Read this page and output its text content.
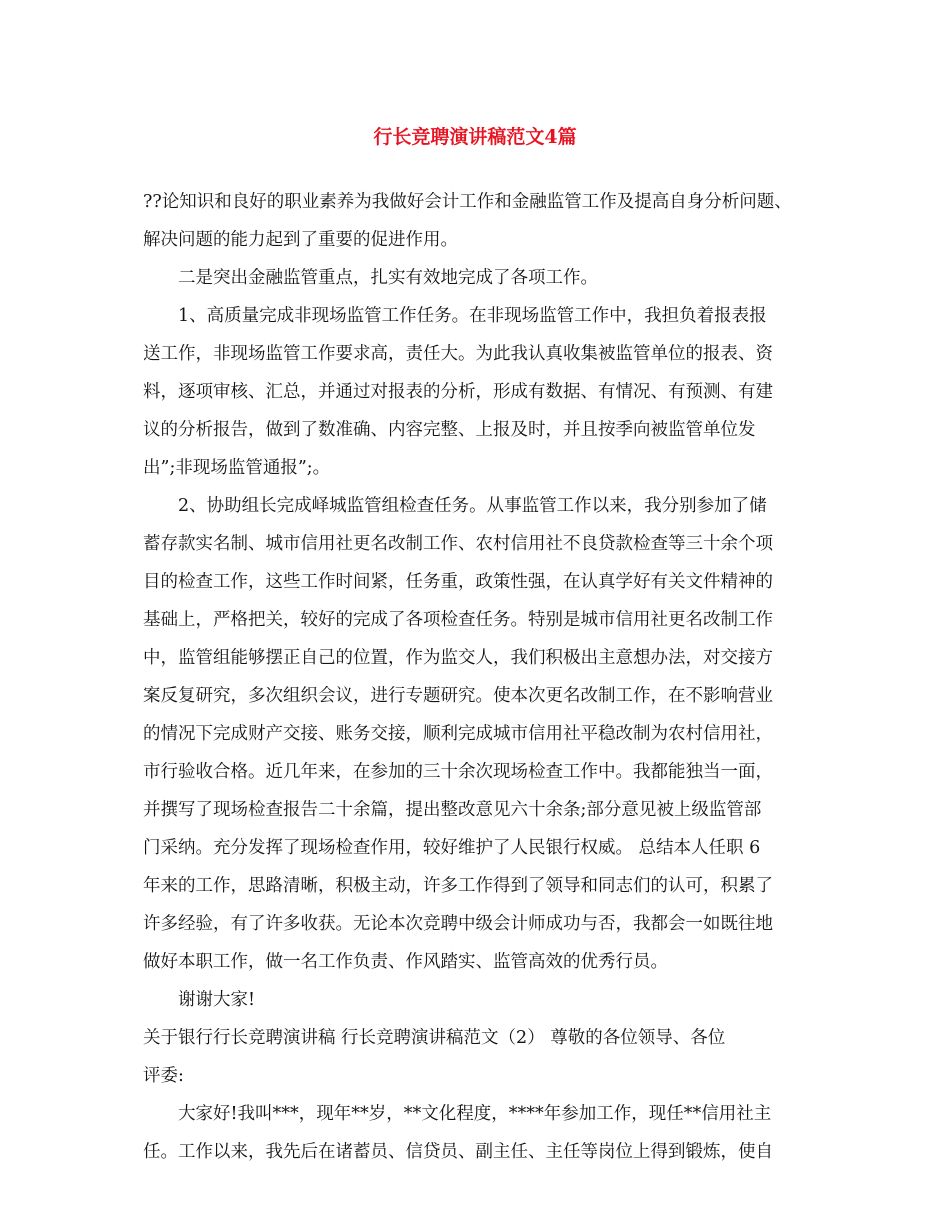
行长竞聘演讲稿范文4篇

??论知识和良好的职业素养为我做好会计工作和金融监管工作及提高自身分析问题、

解决问题的能力起到了重要的促进作用。

二是突出金融监管重点，扎实有效地完成了各项工作。

1、高质量完成非现场监管工作任务。在非现场监管工作中，我担负着报表报

送工作，非现场监管工作要求高，责任大。为此我认真收集被监管单位的报表、资

料，逐项审核、汇总，并通过对报表的分析，形成有数据、有情况、有预测、有建

议的分析报告，做到了数准确、内容完整、上报及时，并且按季向被监管单位发

出”;非现场监管通报”;。

2、协助组长完成峄城监管组检查任务。从事监管工作以来，我分别参加了储

蓄存款实名制、城市信用社更名改制工作、农村信用社不良贷款检查等三十余个项

目的检查工作，这些工作时间紧，任务重，政策性强，在认真学好有关文件精神的

基础上，严格把关，较好的完成了各项检查任务。特别是城市信用社更名改制工作

中，监管组能够摆正自己的位置，作为监交人，我们积极出主意想办法，对交接方

案反复研究，多次组织会议，进行专题研究。使本次更名改制工作，在不影响营业

的情况下完成财产交接、账务交接，顺利完成城市信用社平稳改制为农村信用社，

市行验收合格。近几年来，在参加的三十余次现场检查工作中。我都能独当一面，

并撰写了现场检查报告二十余篇，提出整改意见六十余条;部分意见被上级监管部

门采纳。充分发挥了现场检查作用，较好维护了人民银行权威。 总结本人任职 6

年来的工作，思路清晰，积极主动，许多工作得到了领导和同志们的认可，积累了

许多经验，有了许多收获。无论本次竞聘中级会计师成功与否，我都会一如既往地

做好本职工作，做一名工作负责、作风踏实、监管高效的优秀行员。

谢谢大家!

关于银行行长竞聘演讲稿 行长竞聘演讲稿范文（2） 尊敬的各位领导、各位

评委:

大家好!我叫***，现年**岁，**文化程度，****年参加工作，现任**信用社主

任。工作以来，我先后在诸蓄员、信贷员、副主任、主任等岗位上得到锻炼，使自
